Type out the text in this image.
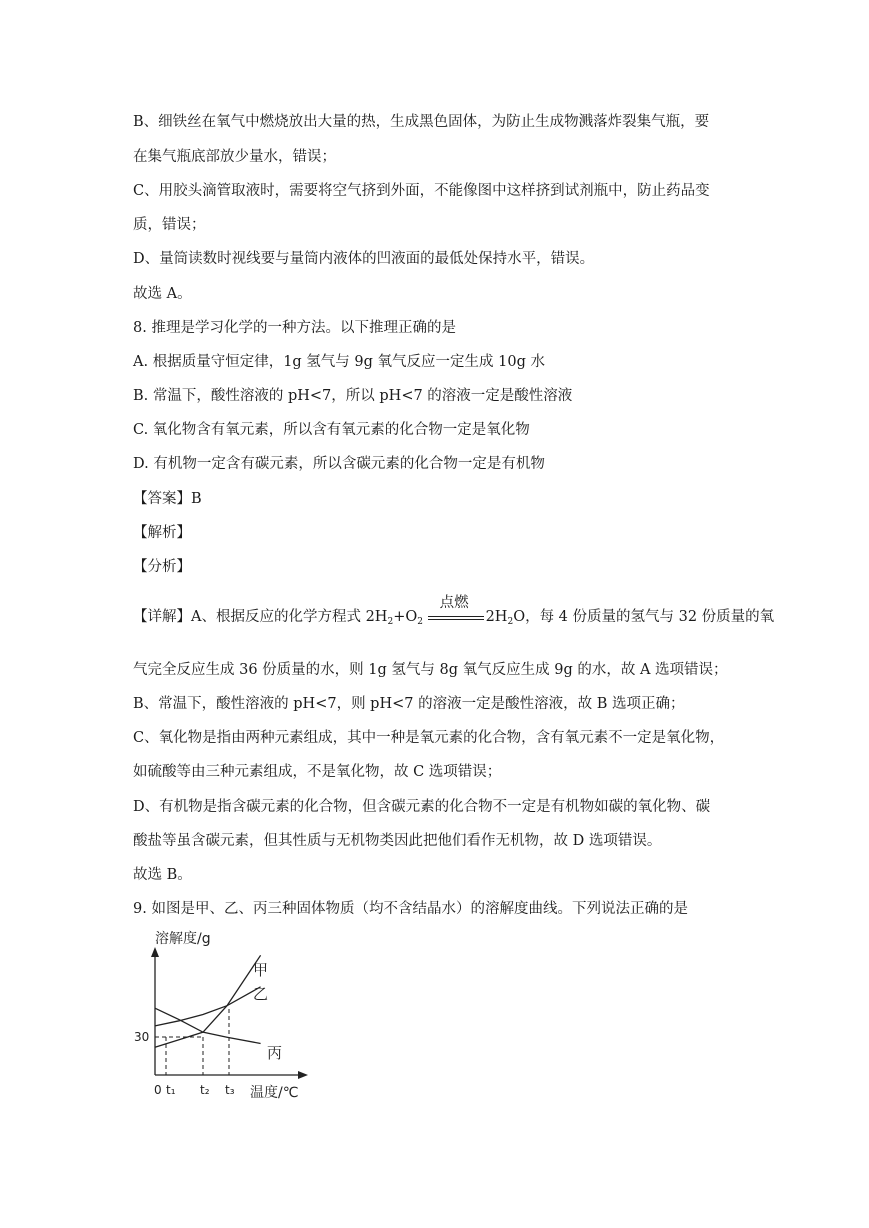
B、细铁丝在氧气中燃烧放出大量的热，生成黑色固体，为防止生成物溅落炸裂集气瓶，要
在集气瓶底部放少量水，错误；
C、用胶头滴管取液时，需要将空气挤到外面，不能像图中这样挤到试剂瓶中，防止药品变
质，错误；
D、量筒读数时视线要与量筒内液体的凹液面的最低处保持水平，错误。
故选 A。
8. 推理是学习化学的一种方法。以下推理正确的是
A. 根据质量守恒定律，1g 氢气与 9g 氧气反应一定生成 10g 水
B. 常温下，酸性溶液的 pH<7，所以 pH<7 的溶液一定是酸性溶液
C. 氧化物含有氧元素，所以含有氧元素的化合物一定是氧化物
D. 有机物一定含有碳元素，所以含碳元素的化合物一定是有机物
【答案】B
【解析】
【分析】
【详解】A、根据反应的化学方程式 $2H_2+O_2$
点燃
$2H_2O$，每 4 份质量的氢气与 32 份质量的氧
气完全反应生成 36 份质量的水，则 1g 氢气与 8g 氧气反应生成 9g 的水，故 A 选项错误；
B、常温下，酸性溶液的 pH<7，则 pH<7 的溶液一定是酸性溶液，故 B 选项正确；
C、氧化物是指由两种元素组成，其中一种是氧元素的化合物，含有氧元素不一定是氧化物，
如硫酸等由三种元素组成，不是氧化物，故 C 选项错误；
D、有机物是指含碳元素的化合物，但含碳元素的化合物不一定是有机物如碳的氧化物、碳
酸盐等虽含碳元素，但其性质与无机物类因此把他们看作无机物，故 D 选项错误。
故选 B。
9. 如图是甲、乙、丙三种固体物质（均不含结晶水）的溶解度曲线。下列说法正确的是
溶解度/g
温度/℃
0
30
t₁ t₂ t₃
甲
乙
丙
